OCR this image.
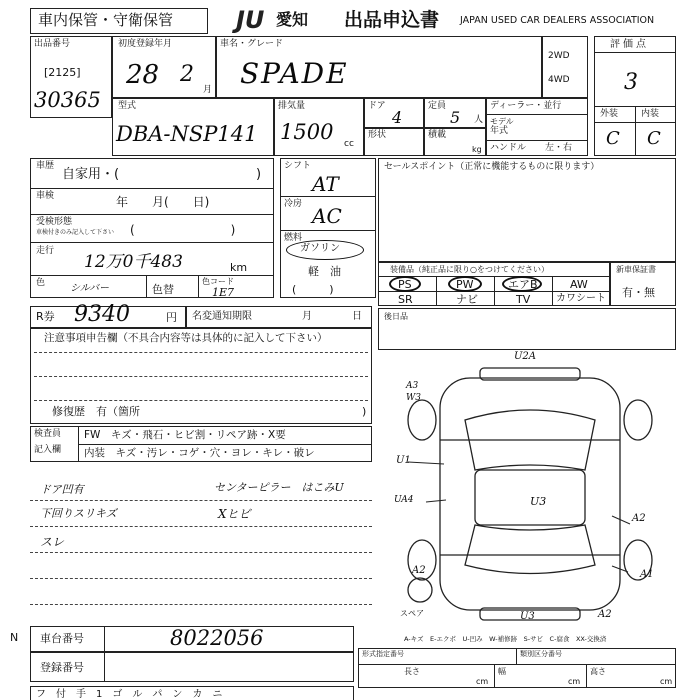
車内保管・守衛保管	JU 愛知 出品申込書 JAPAN USED CAR DEALERS ASSOCIATION
出品番号
[2125]
30365
初度登録年月
28 2
月
車名・グレード
SPADE
2WD
4WD
評価点
3
外装	内装
C C
型式
DBA-NSP141
排気量
1500 cc
ドア
4
定員
5 人
ディーラー・並行
モデル
年式
ハンドル 左・右
形状	積載
kg
車歴
自家用・(	)
車検	年　　月(　　日)
受検形態
車検付きのみ記入して下さい (　　　　　　　　)
走行
12万0千483	km
色 シルバー	色替
色コード
1E7
シフト
AT
冷房 AC
燃料
ガソリン
軽　油
(　　　)
セールスポイント（正常に機能するものに限ります）
装備品（純正品に限り○をつけてください）
PS	PW	エアB	AW
SR	ナビ	TV	カワシート
新車保証書
有・無
R券 9340	円 名変通知期限	月	日
注意事項申告欄（不具合内容等は具体的に記入して下さい）
修復歴　有（箇所	)
後日品
検査員
記入欄
FW　キズ・飛石・ヒビ割・リペア跡・X要
内装　キズ・汚レ・コゲ・穴・ヨレ・キレ・破レ
ドア凹有
下回りスリキズ
スレ
センターピラー　はこみU
Xヒビ
U2A
A3
W3
U1
UA4	U3
A2
A1
A2
U3	A2
スペア
A-キズ　E-エクボ　U-凹み　W-補修跡　S-サビ　C-腐食　XX-交換済
N 車台番号	8022056
登録番号
形式指定番号	類別区分番号
長さ	幅	高さ
cm	cm	cm
フ　付　手　1　ゴ　ル　パ　ン　カ　ニ
